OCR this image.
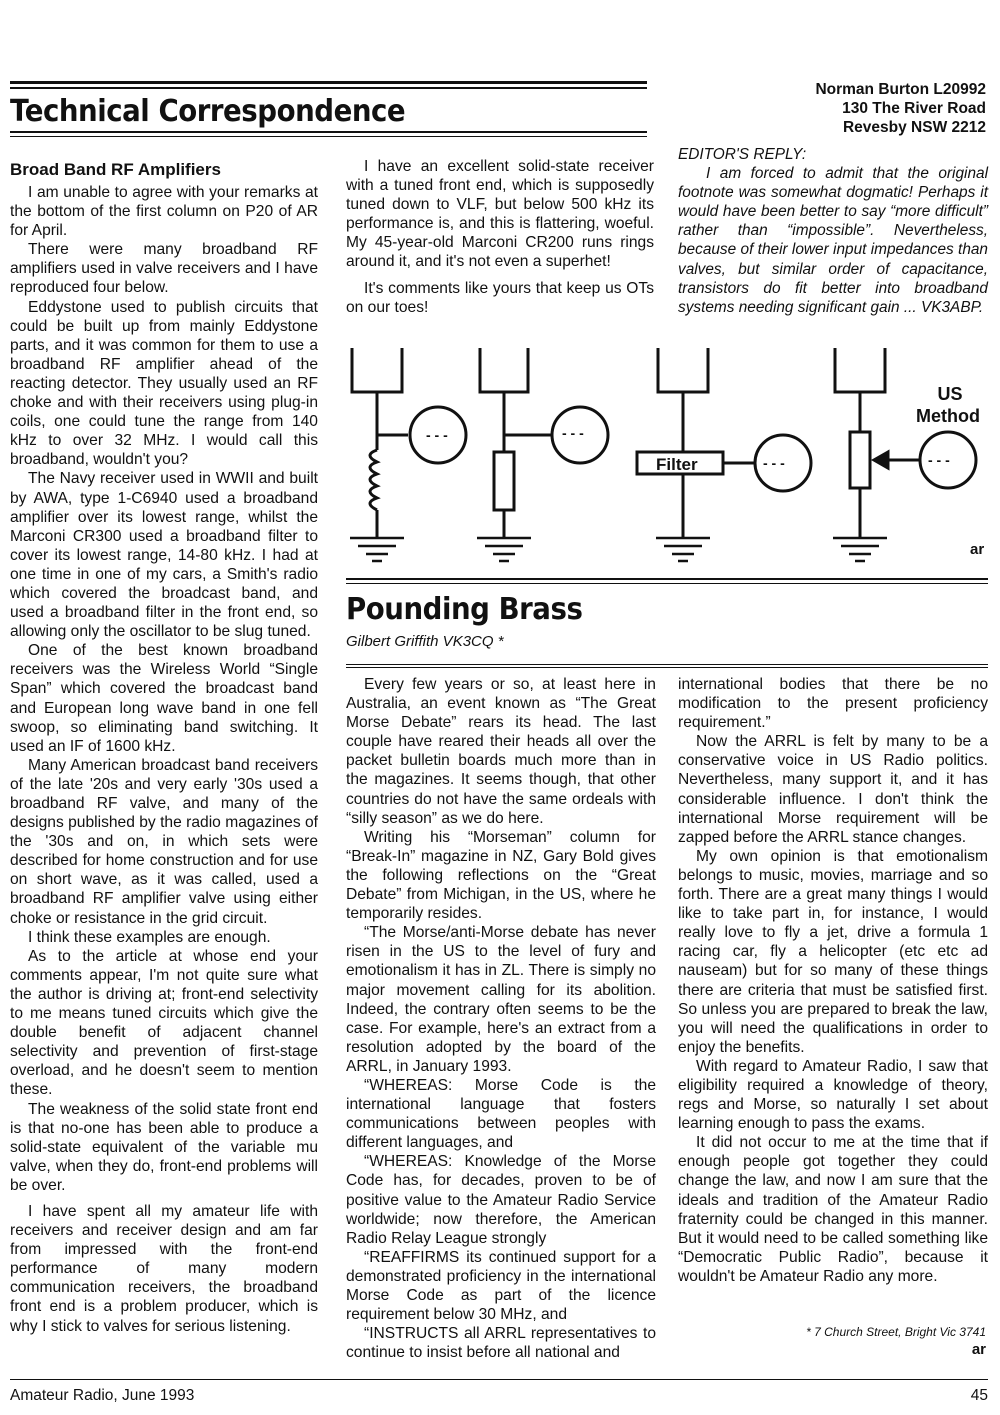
Technical Correspondence
Norman Burton L20992
130 The River Road
Revesby NSW 2212
Broad Band RF Amplifiers

I am unable to agree with your remarks at the bottom of the first column on P20 of AR for April.

There were many broadband RF amplifiers used in valve receivers and I have reproduced four below.

Eddystone used to publish circuits that could be built up from mainly Eddystone parts, and it was common for them to use a broadband RF amplifier ahead of the reacting detector. They usually used an RF choke and with their receivers using plug-in coils, one could tune the range from 140 kHz to over 32 MHz. I would call this broadband, wouldn't you?

The Navy receiver used in WWII and built by AWA, type 1-C6940 used a broadband amplifier over its lowest range, whilst the Marconi CR300 used a broadband filter to cover its lowest range, 14-80 kHz. I had at one time in one of my cars, a Smith's radio which covered the broadcast band, and used a broadband filter in the front end, so allowing only the oscillator to be slug tuned.

One of the best known broadband receivers was the Wireless World “Single Span” which covered the broadcast band and European long wave band in one fell swoop, so eliminating band switching. It used an IF of 1600 kHz.

Many American broadcast band receivers of the late '20s and very early '30s used a broadband RF valve, and many of the designs published by the radio magazines of the '30s and on, in which sets were described for home construction and for use on short wave, as it was called, used a broadband RF amplifier valve using either choke or resistance in the grid circuit.

I think these examples are enough.

As to the article at whose end your comments appear, I'm not quite sure what the author is driving at; front-end selectivity to me means tuned circuits which give the double benefit of adjacent channel selectivity and prevention of first-stage overload, and he doesn't seem to mention these.

The weakness of the solid state front end is that no-one has been able to produce a solid-state equivalent of the variable mu valve, when they do, front-end problems will be over.

I have spent all my amateur life with receivers and receiver design and am far from impressed with the front-end performance of many modern communication receivers, the broadband front end is a problem producer, which is why I stick to valves for serious listening.

I have an excellent solid-state receiver with a tuned front end, which is supposedly tuned down to VLF, but below 500 kHz its performance is, and this is flattering, woeful. My 45-year-old Marconi CR200 runs rings around it, and it's not even a superhet!

It's comments like yours that keep us OTs on our toes!

EDITOR'S REPLY:
I am forced to admit that the original footnote was somewhat dogmatic! Perhaps it would have been better to say “more difficult” rather than “impossible”. Nevertheless, because of their lower input impedances than valves, but similar order of capacitance, transistors do fit better into broadband systems needing significant gain ... VK3ABP.
- - -	- - -
- - -	- - -
Filter
US
Method
ar
Pounding Brass
Gilbert Griffith VK3CQ *

Every few years or so, at least here in Australia, an event known as “The Great Morse Debate” rears its head. The last couple have reared their heads all over the packet bulletin boards much more than in the magazines. It seems though, that other countries do not have the same ordeals with “silly season” as we do here.

Writing his “Morseman” column for “Break-In” magazine in NZ, Gary Bold gives the following reflections on the “Great Debate” from Michigan, in the US, where he temporarily resides.

“The Morse/anti-Morse debate has never risen in the US to the level of fury and emotionalism it has in ZL. There is simply no major movement calling for its abolition. Indeed, the contrary often seems to be the case. For example, here's an extract from a resolution adopted by the board of the ARRL, in January 1993.

“WHEREAS: Morse Code is the international language that fosters communications between peoples with different languages, and

“WHEREAS: Knowledge of the Morse Code has, for decades, proven to be of positive value to the Amateur Radio Service worldwide; now therefore, the American Radio Relay League strongly

“REAFFIRMS its continued support for a demonstrated proficiency in the international Morse Code as part of the licence requirement below 30 MHz, and

“INSTRUCTS all ARRL representatives to continue to insist before all national and

international bodies that there be no modification to the present proficiency requirement.”

Now the ARRL is felt by many to be a conservative voice in US Radio politics. Nevertheless, many support it, and it has considerable influence. I don't think the international Morse requirement will be zapped before the ARRL stance changes.

My own opinion is that emotionalism belongs to music, movies, marriage and so forth. There are a great many things I would like to take part in, for instance, I would really love to fly a jet, drive a formula 1 racing car, fly a helicopter (etc etc ad nauseam) but for so many of these things there are criteria that must be satisfied first. So unless you are prepared to break the law, you will need the qualifications in order to enjoy the benefits.

With regard to Amateur Radio, I saw that eligibility required a knowledge of theory, regs and Morse, so naturally I set about learning enough to pass the exams.

It did not occur to me at the time that if enough people got together they could change the law, and now I am sure that the ideals and tradition of the Amateur Radio fraternity could be changed in this manner. But it would need to be called something like “Democratic Public Radio”, because it wouldn't be Amateur Radio any more.

* 7 Church Street, Bright Vic 3741
ar
Amateur Radio, June 1993	45
